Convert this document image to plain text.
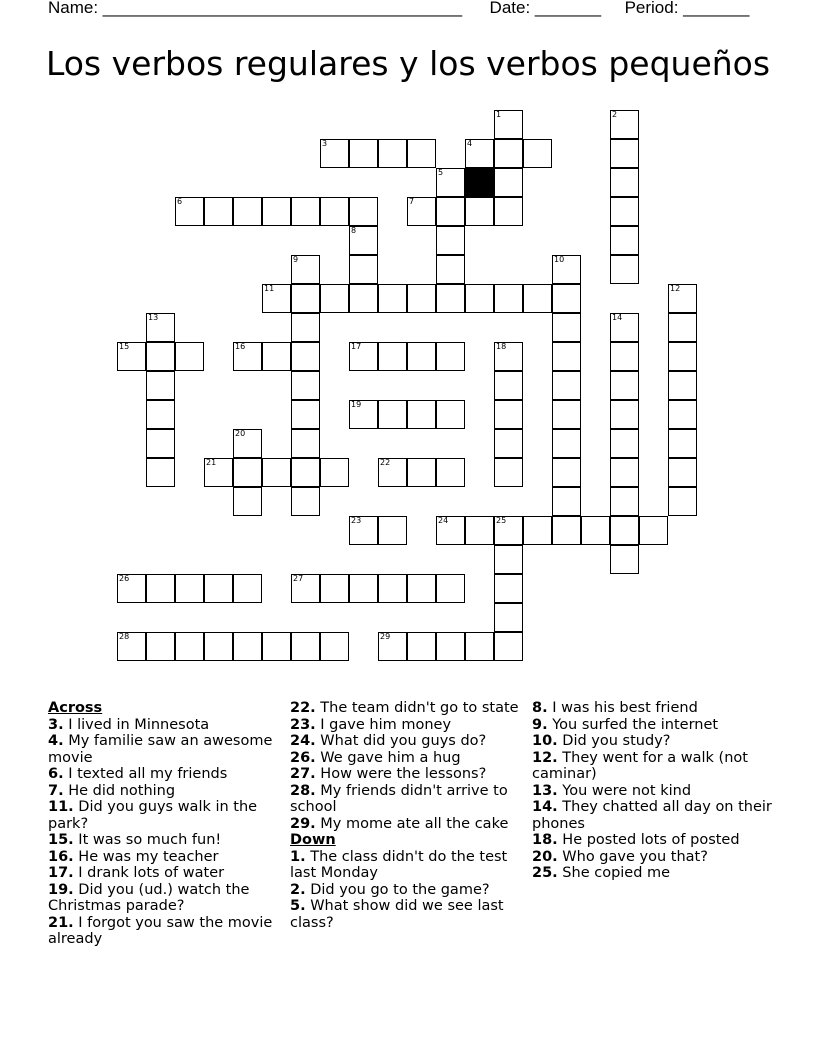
Name: ______________________________________ Date: _______ Period: _______
Los verbos regulares y los verbos pequeños
1	2
3	4
5
6	7
8
9	10
11	12
13	14
15	16	17	18
19
20
21	22
23	24	25
26	27
28	29
Across
3. I lived in Minnesota
4. My familie saw an awesome movie
6. I texted all my friends
7. He did nothing
11. Did you guys walk in the park?
15. It was so much fun!
16. He was my teacher
17. I drank lots of water
19. Did you (ud.) watch the Christmas parade?
21. I forgot you saw the movie already
22. The team didn't go to state
23. I gave him money
24. What did you guys do?
26. We gave him a hug
27. How were the lessons?
28. My friends didn't arrive to school
29. My mome ate all the cake
Down
1. The class didn't do the test last Monday
2. Did you go to the game?
5. What show did we see last class?
8. I was his best friend
9. You surfed the internet
10. Did you study?
12. They went for a walk (not caminar)
13. You were not kind
14. They chatted all day on their phones
18. He posted lots of posted
20. Who gave you that?
25. She copied me
